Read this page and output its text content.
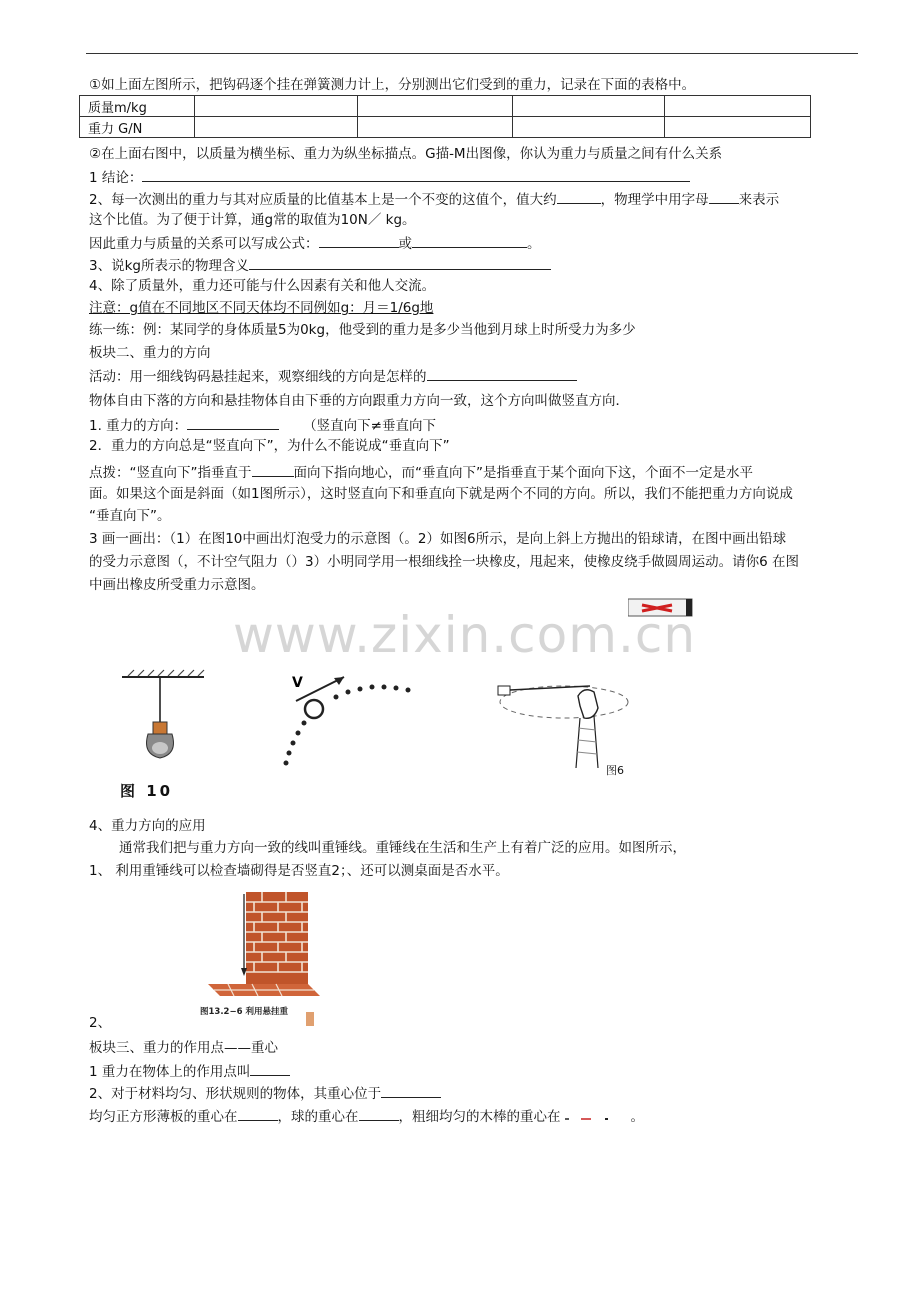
①如上面左图所示，把钩码逐个挂在弹簧测力计上，分别测出它们受到的重力，记录在下面的表格中。
质量m/kg				
重力 G/N				
②在上面右图中，以质量为横坐标、重力为纵坐标描点。G描-M出图像，你认为重力与质量之间有什么关系
1 结论：
2、每一次测出的重力与其对应质量的比值基本上是一个不变的这值个，值大约	，物理学中用字母 来表示
这个比值。为了便于计算，通g常的取值为10N／ kg。
因此重力与质量的关系可以写成公式：	或	。
3、说kg所表示的物理含义
4、除了质量外，重力还可能与什么因素有关和他人交流。
注意：g值在不同地区不同天体均不同例如g：月＝1/6g地
练一练：例：某同学的身体质量5为0kg，他受到的重力是多少当他到月球上时所受力为多少
板块二、重力的方向
活动：用一细线钩码悬挂起来，观察细线的方向是怎样的
物体自由下落的方向和悬挂物体自由下垂的方向跟重力方向一致，这个方向叫做竖直方向．
1. 重力的方向：	（竖直向下≠垂直向下
2．重力的方向总是“竖直向下”，为什么不能说成“垂直向下”
点拨：“竖直向下”指垂直于	面向下指向地心，而“垂直向下”是指垂直于某个面向下这，个面不一定是水平
面。如果这个面是斜面（如1图所示），这时竖直向下和垂直向下就是两个不同的方向。所以，我们不能把重力方向说成
“垂直向下”。
3 画一画出：（1）在图10中画出灯泡受力的示意图（。2）如图6所示，是向上斜上方抛出的铅球请，在图中画出铅球
的受力示意图（，不计空气阻力（）3）小明同学用一根细线拴一块橡皮，甩起来，使橡皮绕手做圆周运动。请你6 在图
中画出橡皮所受重力示意图。
www.zixin.com.cn
图 10
V
图6
4、重力方向的应用
通常我们把与重力方向一致的线叫重锤线。重锤线在生活和生产上有着广泛的应用。如图所示，
1、 利用重锤线可以检查墙砌得是否竖直2；、还可以测桌面是否水平。
图13.2−6 利用悬挂重
2、
板块三、重力的作用点——重心
1 重力在物体上的作用点叫
2、对于材料均匀、形状规则的物体，其重心位于
均匀正方形薄板的重心在	，球的重心在	，粗细均匀的木棒的重心在	。
